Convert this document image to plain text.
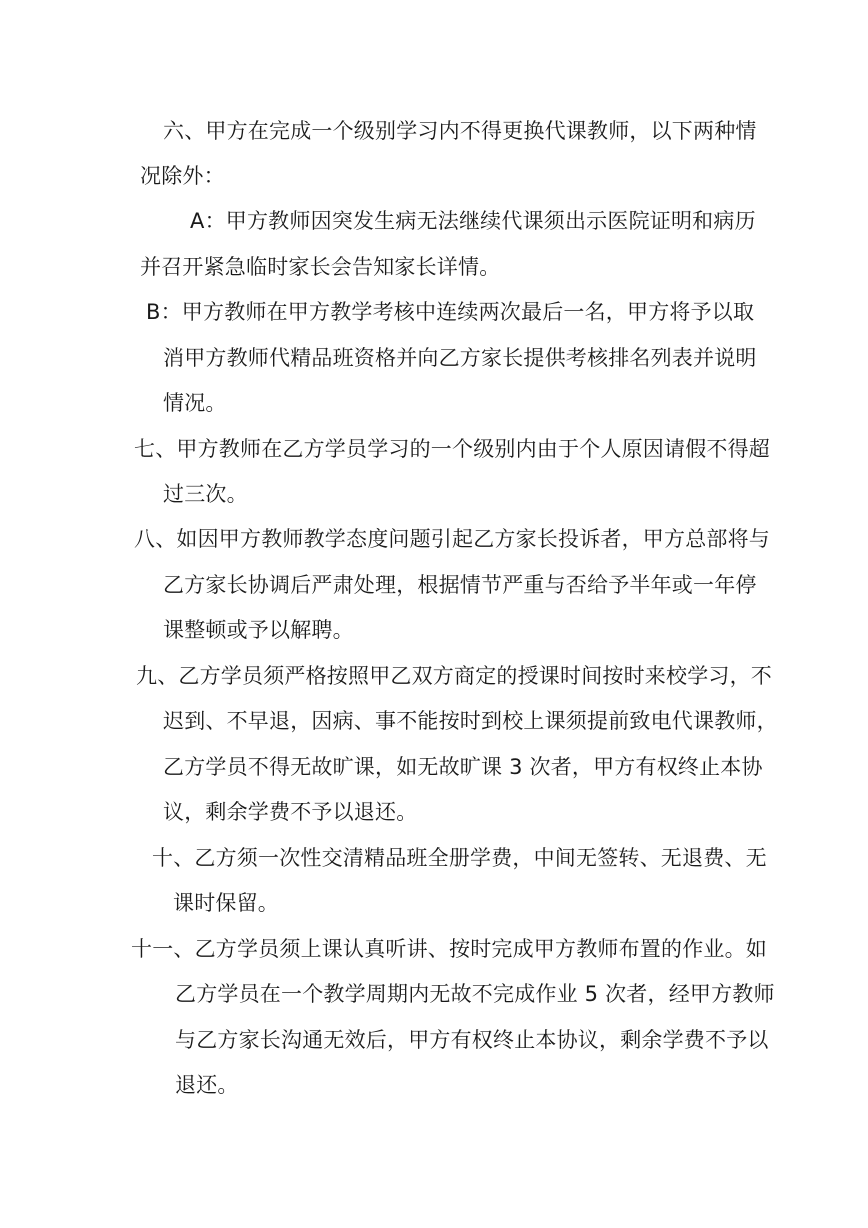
六、甲方在完成一个级别学习内不得更换代课教师，以下两种情
况除外：
A：甲方教师因突发生病无法继续代课须出示医院证明和病历
并召开紧急临时家长会告知家长详情。
B：甲方教师在甲方教学考核中连续两次最后一名，甲方将予以取
消甲方教师代精品班资格并向乙方家长提供考核排名列表并说明
情况。
七、甲方教师在乙方学员学习的一个级别内由于个人原因请假不得超
过三次。
八、如因甲方教师教学态度问题引起乙方家长投诉者，甲方总部将与
乙方家长协调后严肃处理，根据情节严重与否给予半年或一年停
课整顿或予以解聘。
九、乙方学员须严格按照甲乙双方商定的授课时间按时来校学习，不
迟到、不早退，因病、事不能按时到校上课须提前致电代课教师，
乙方学员不得无故旷课，如无故旷课 3 次者，甲方有权终止本协
议，剩余学费不予以退还。
十、乙方须一次性交清精品班全册学费，中间无签转、无退费、无
课时保留。
十一、乙方学员须上课认真听讲、按时完成甲方教师布置的作业。如
乙方学员在一个教学周期内无故不完成作业 5 次者，经甲方教师
与乙方家长沟通无效后，甲方有权终止本协议，剩余学费不予以
退还。
